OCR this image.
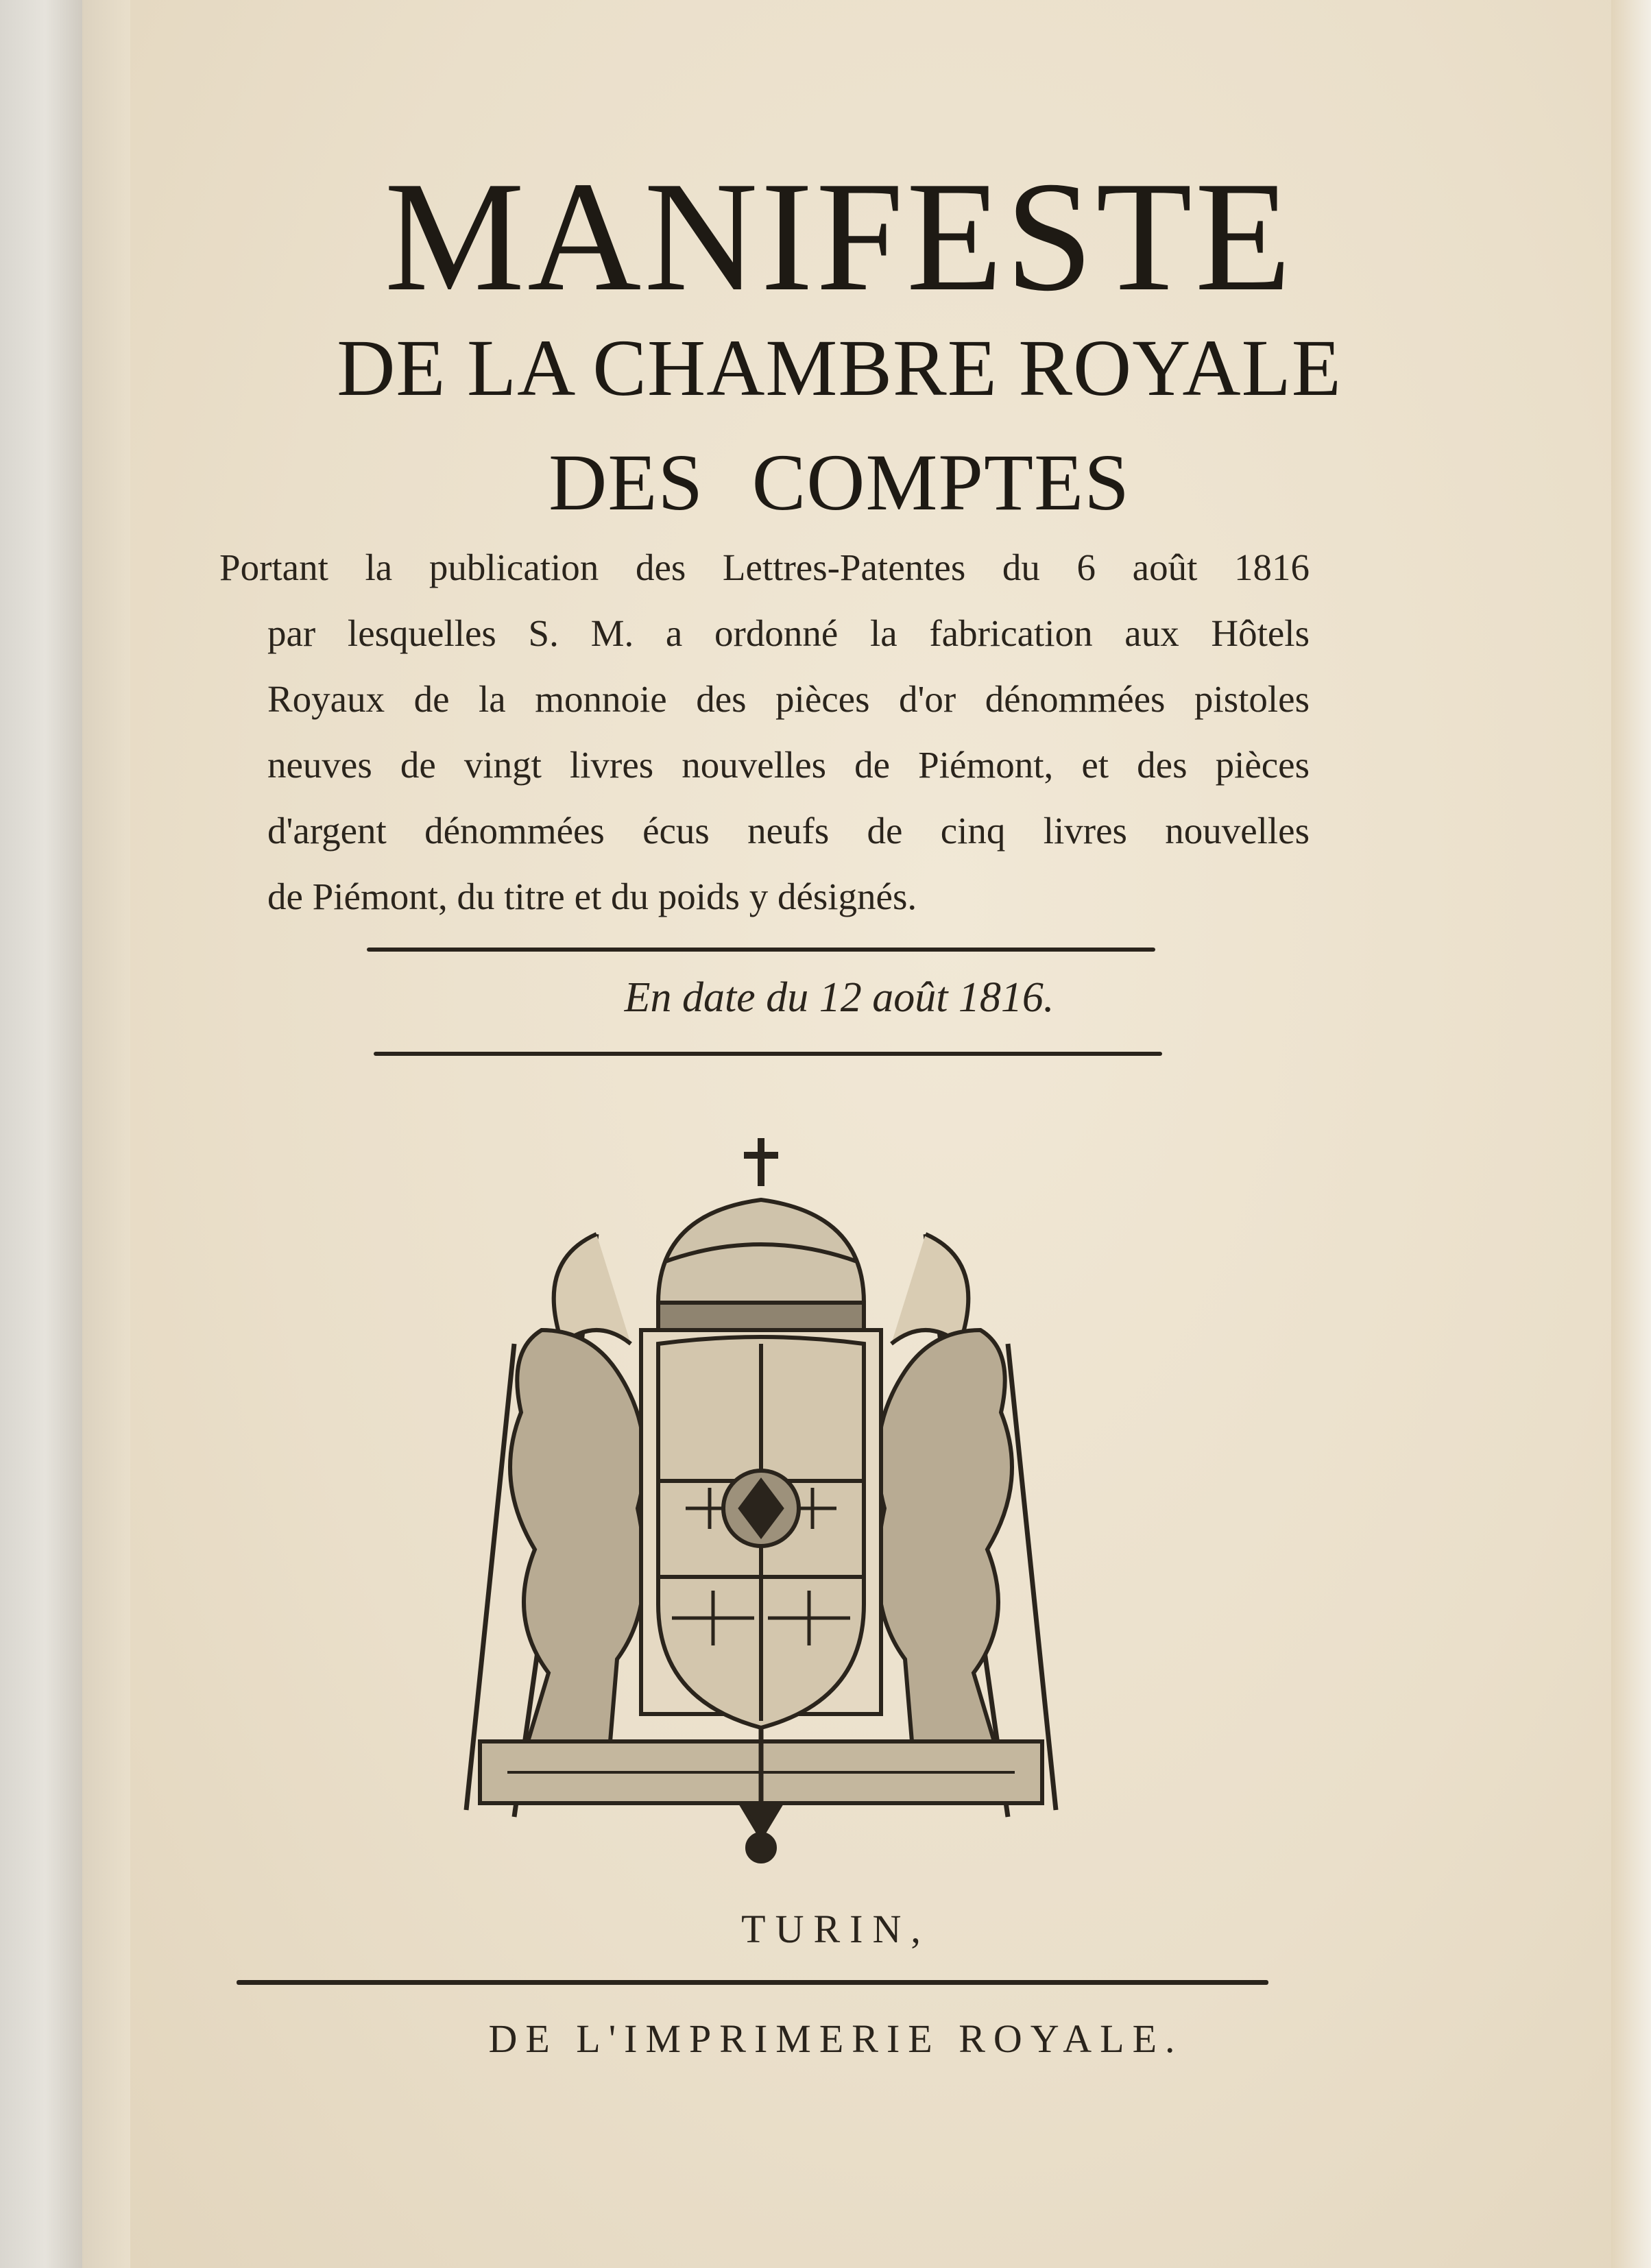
MANIFESTE
DE LA CHAMBRE ROYALE
DES COMPTES
Portant la publication des Lettres-Patentes du 6 août 1816
par lesquelles S. M. a ordonné la fabrication aux Hôtels
Royaux de la monnoie des pièces d'or dénommées pistoles
neuves de vingt livres nouvelles de Piémont, et des pièces
d'argent dénommées écus neufs de cinq livres nouvelles
de Piémont, du titre et du poids y désignés.
En date du 12 août 1816.
TURIN,
DE L'IMPRIMERIE ROYALE.
